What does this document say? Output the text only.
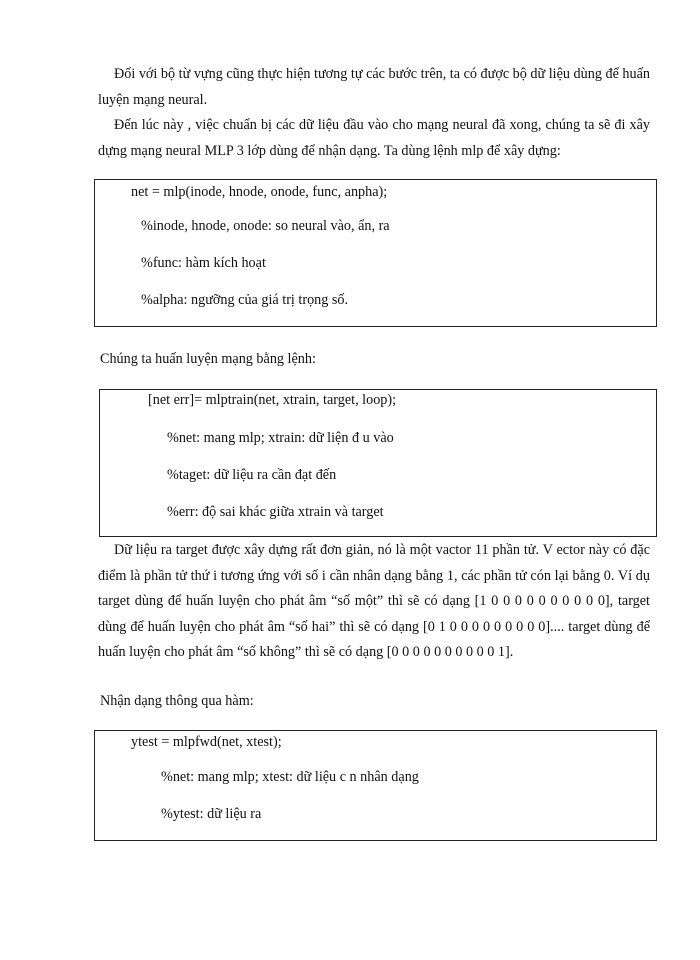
Đối với bộ từ vựng cũng thực hiện tương tự các bước trên, ta có được bộ dữ liệu dùng để huấn luyện mạng neural.

Đến lúc này , việc chuẩn bị các dữ liệu đầu vào cho mạng neural đã xong, chúng ta sẽ đi xây dựng mạng neural MLP 3 lớp dùng để nhận dạng. Ta dùng lệnh mlp để xây dựng:

net = mlp(inode, hnode, onode, func, anpha);

%inode, hnode, onode: so neural vào, ẩn, ra

%func: hàm kích hoạt

%alpha: ngưỡng của giá trị trọng số.

Chúng ta huấn luyện mạng bằng lệnh:

[net err]= mlptrain(net, xtrain, target, loop);

%net: mang mlp; xtrain: dữ liện đ u vào

%taget: dữ liệu ra cần đạt đến

%err: độ sai khác giữa xtrain và target

Dữ liệu ra target được xây dựng rất đơn giản, nó là một vactor 11 phần tử. V ector này có đặc điểm là phần tử thứ i tương ứng với số i cần nhân dạng bằng 1, các phần tử cón lại bằng 0. Ví dụ target dùng để huấn luyện cho phát âm “số một” thì sẽ có dạng [1 0 0 0 0 0 0 0 0 0 0], target dùng để huấn luyện cho phát âm “số hai” thì sẽ có dạng [0 1 0 0 0 0 0 0 0 0 0].... target dùng để huấn luyện cho phát âm “số không” thì sẽ có dạng [0 0 0 0 0 0 0 0 0 0 1].

Nhận dạng thông qua hàm:

ytest = mlpfwd(net, xtest);

%net: mang mlp; xtest: dữ liệu c n nhân dạng

%ytest: dữ liệu ra
